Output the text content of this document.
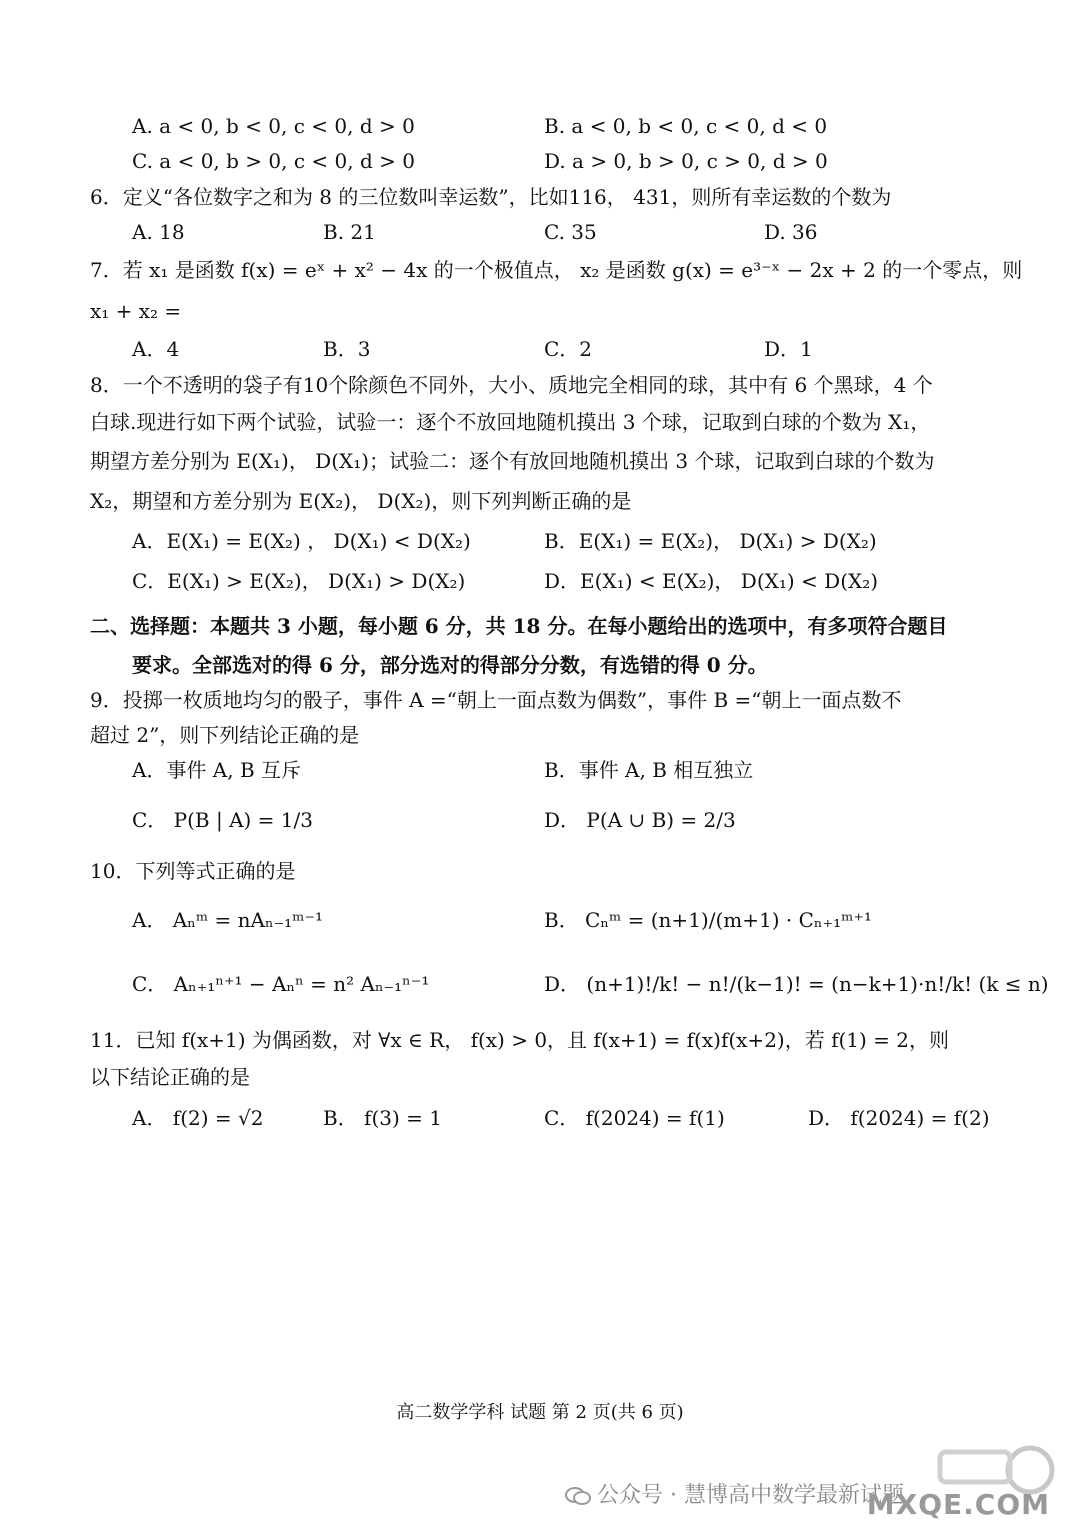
A. a < 0, b < 0, c < 0, d > 0	B. a < 0, b < 0, c < 0, d < 0
C. a < 0, b > 0, c < 0, d > 0	D. a > 0, b > 0, c > 0, d > 0
6．定义“各位数字之和为 8 的三位数叫幸运数”，比如116， 431，则所有幸运数的个数为
A. 18	B. 21	C. 35	D. 36
7．若 x₁ 是函数 f(x) = eˣ + x² − 4x 的一个极值点， x₂ 是函数 g(x) = e³⁻ˣ − 2x + 2 的一个零点，则
x₁ + x₂ =
A．4	B．3	C．2	D．1
8．一个不透明的袋子有10个除颜色不同外，大小、质地完全相同的球，其中有 6 个黑球，4 个
白球.现进行如下两个试验，试验一：逐个不放回地随机摸出 3 个球，记取到白球的个数为 X₁，
期望方差分别为 E(X₁)， D(X₁)；试验二：逐个有放回地随机摸出 3 个球，记取到白球的个数为
X₂，期望和方差分别为 E(X₂)， D(X₂)，则下列判断正确的是
A．E(X₁) = E(X₂) ， D(X₁) < D(X₂)	B．E(X₁) = E(X₂)， D(X₁) > D(X₂)
C．E(X₁) > E(X₂)， D(X₁) > D(X₂)	D．E(X₁) < E(X₂)， D(X₁) < D(X₂)
二、选择题：本题共 3 小题，每小题 6 分，共 18 分。在每小题给出的选项中，有多项符合题目
要求。全部选对的得 6 分，部分选对的得部分分数，有选错的得 0 分。
9．投掷一枚质地均匀的骰子，事件 A =“朝上一面点数为偶数”，事件 B =“朝上一面点数不
超过 2”，则下列结论正确的是
A．事件 A, B 互斥	B．事件 A, B 相互独立
C． P(B | A) = 1/3	D． P(A ∪ B) = 2/3
10．下列等式正确的是
A． Aₙᵐ = nAₙ₋₁ᵐ⁻¹	B． Cₙᵐ = (n+1)/(m+1) · Cₙ₊₁ᵐ⁺¹
C． Aₙ₊₁ⁿ⁺¹ − Aₙⁿ = n² Aₙ₋₁ⁿ⁻¹	D． (n+1)!/k! − n!/(k−1)! = (n−k+1)·n!/k! (k ≤ n)
11．已知 f(x+1) 为偶函数，对 ∀x ∈ R， f(x) > 0，且 f(x+1) = f(x)f(x+2)，若 f(1) = 2，则
以下结论正确的是
A． f(2) = √2	B． f(3) = 1	C． f(2024) = f(1)	D． f(2024) = f(2)
高二数学学科 试题 第 2 页(共 6 页)
公众号 · 慧博高中数学最新试题
MXQE.COM
